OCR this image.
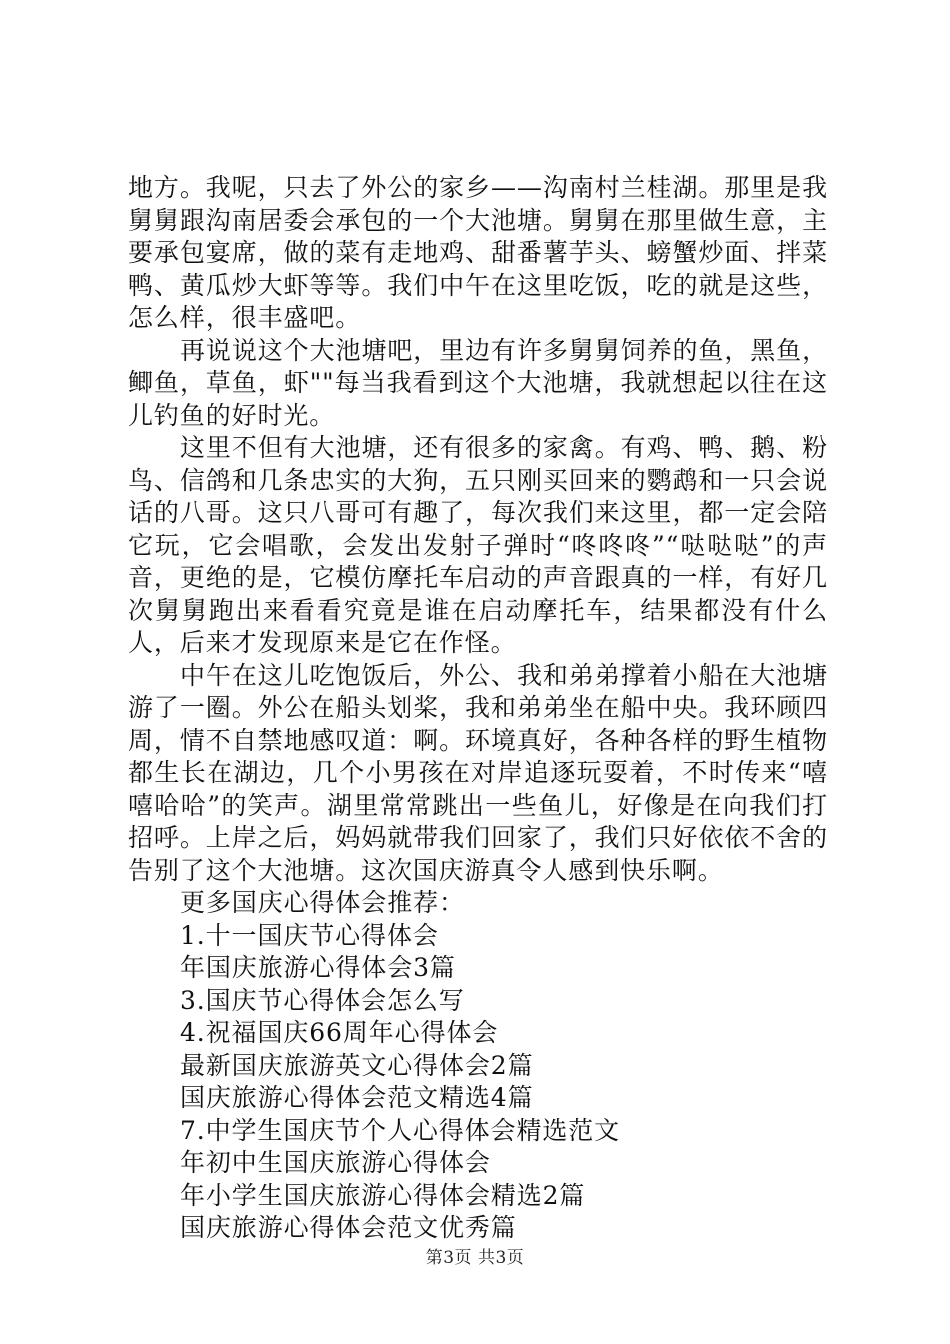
地方。我呢，只去了外公的家乡——沟南村兰桂湖。那里是我舅舅跟沟南居委会承包的一个大池塘。舅舅在那里做生意，主要承包宴席，做的菜有走地鸡、甜番薯芋头、螃蟹炒面、拌菜鸭、黄瓜炒大虾等等。我们中午在这里吃饭，吃的就是这些，怎么样，很丰盛吧。

再说说这个大池塘吧，里边有许多舅舅饲养的鱼，黑鱼，鲫鱼，草鱼，虾""每当我看到这个大池塘，我就想起以往在这儿钓鱼的好时光。

这里不但有大池塘，还有很多的家禽。有鸡、鸭、鹅、粉鸟、信鸽和几条忠实的大狗，五只刚买回来的鹦鹉和一只会说话的八哥。这只八哥可有趣了，每次我们来这里，都一定会陪它玩，它会唱歌，会发出发射子弹时“咚咚咚”“哒哒哒”的声音，更绝的是，它模仿摩托车启动的声音跟真的一样，有好几次舅舅跑出来看看究竟是谁在启动摩托车，结果都没有什么人，后来才发现原来是它在作怪。

中午在这儿吃饱饭后，外公、我和弟弟撑着小船在大池塘游了一圈。外公在船头划桨，我和弟弟坐在船中央。我环顾四周，情不自禁地感叹道：啊。环境真好，各种各样的野生植物都生长在湖边，几个小男孩在对岸追逐玩耍着，不时传来“嘻嘻哈哈”的笑声。湖里常常跳出一些鱼儿，好像是在向我们打招呼。上岸之后，妈妈就带我们回家了，我们只好依依不舍的告别了这个大池塘。这次国庆游真令人感到快乐啊。

更多国庆心得体会推荐：
1.十一国庆节心得体会
年国庆旅游心得体会3篇
3.国庆节心得体会怎么写
4.祝福国庆66周年心得体会
最新国庆旅游英文心得体会2篇
国庆旅游心得体会范文精选4篇
7.中学生国庆节个人心得体会精选范文
年初中生国庆旅游心得体会
年小学生国庆旅游心得体会精选2篇
国庆旅游心得体会范文优秀篇
第3页 共3页
